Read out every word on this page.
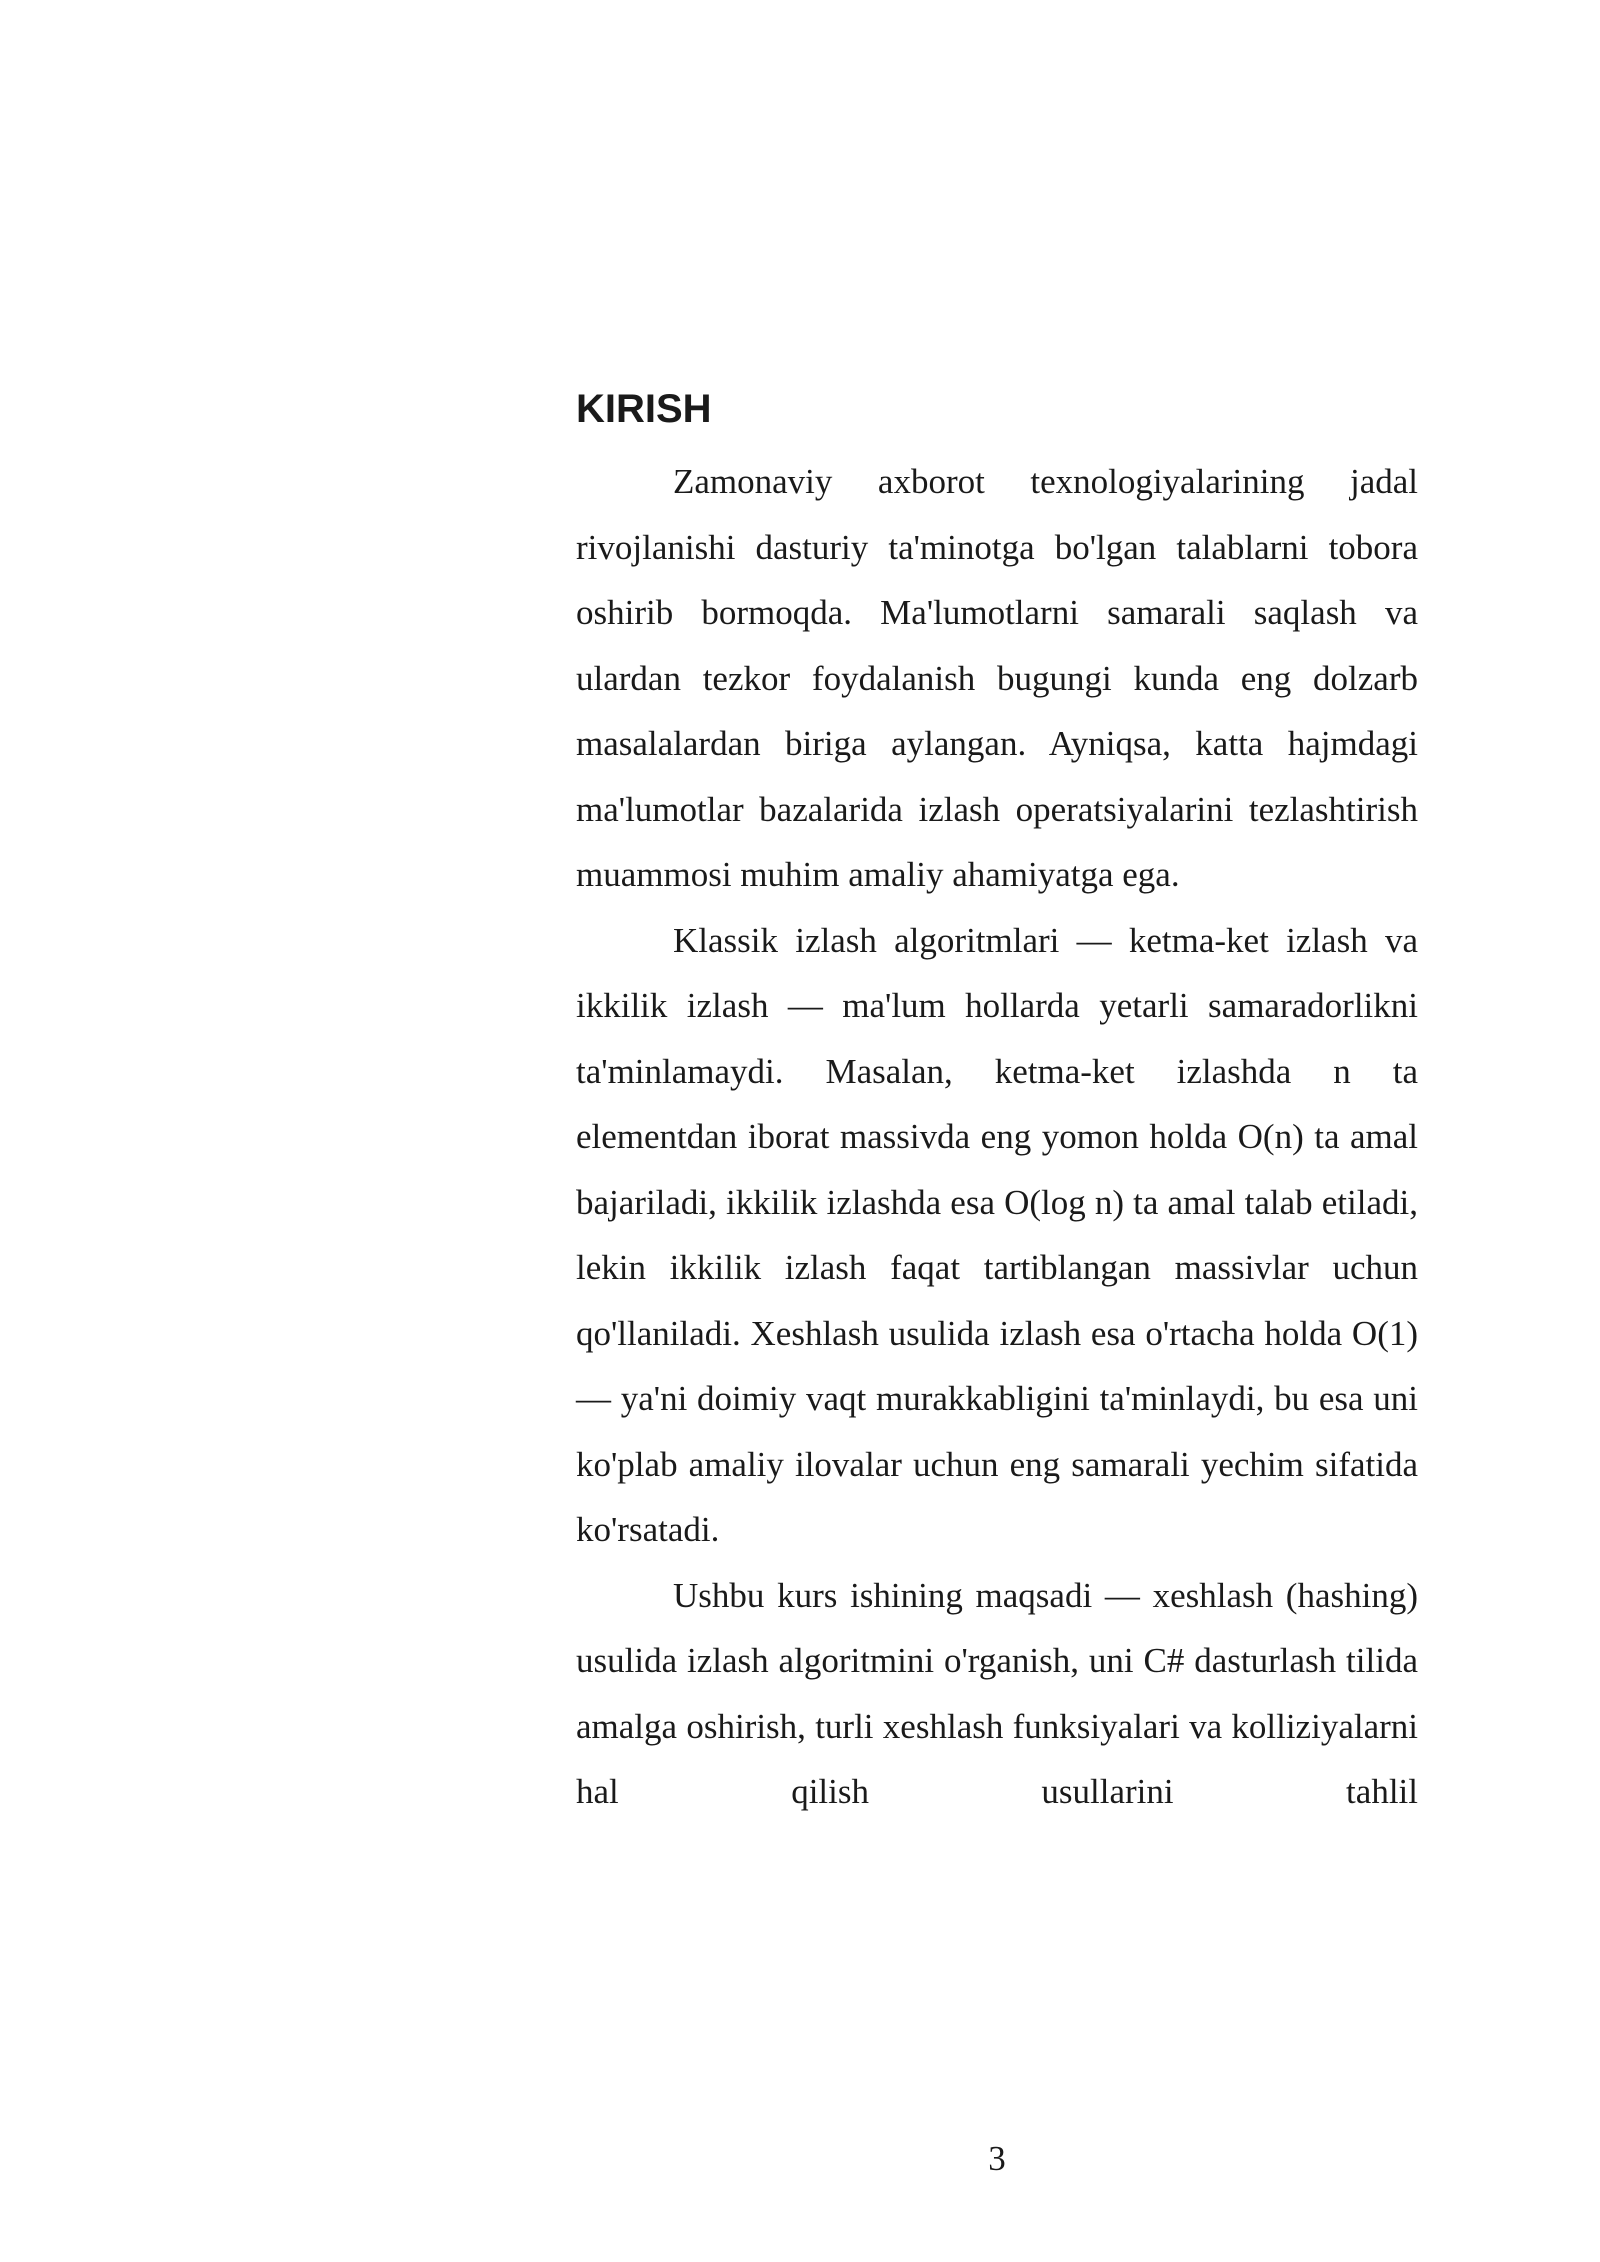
KIRISH

Zamonaviy axborot texnologiyalarining jadal rivojlanishi dasturiy ta'minotga bo'lgan talablarni tobora oshirib bormoqda. Ma'lumotlarni samarali saqlash va ulardan tezkor foydalanish bugungi kunda eng dolzarb masalalardan biriga aylangan. Ayniqsa, katta hajmdagi ma'lumotlar bazalarida izlash operatsiyalarini tezlashtirish muammosi muhim amaliy ahamiyatga ega.

Klassik izlash algoritmlari — ketma-ket izlash va ikkilik izlash — ma'lum hollarda yetarli samaradorlikni ta'minlamaydi. Masalan, ketma-ket izlashda n ta elementdan iborat massivda eng yomon holda O(n) ta amal bajariladi, ikkilik izlashda esa O(log n) ta amal talab etiladi, lekin ikkilik izlash faqat tartiblangan massivlar uchun qo'llaniladi. Xeshlash usulida izlash esa o'rtacha holda O(1) — ya'ni doimiy vaqt murakkabligini ta'minlaydi, bu esa uni ko'plab amaliy ilovalar uchun eng samarali yechim sifatida ko'rsatadi.

Ushbu kurs ishining maqsadi — xeshlash (hashing) usulida izlash algoritmini o'rganish, uni C# dasturlash tilida amalga oshirish, turli xeshlash funksiyalari va kolliziyalarni hal qilish usullarini tahlil

3
